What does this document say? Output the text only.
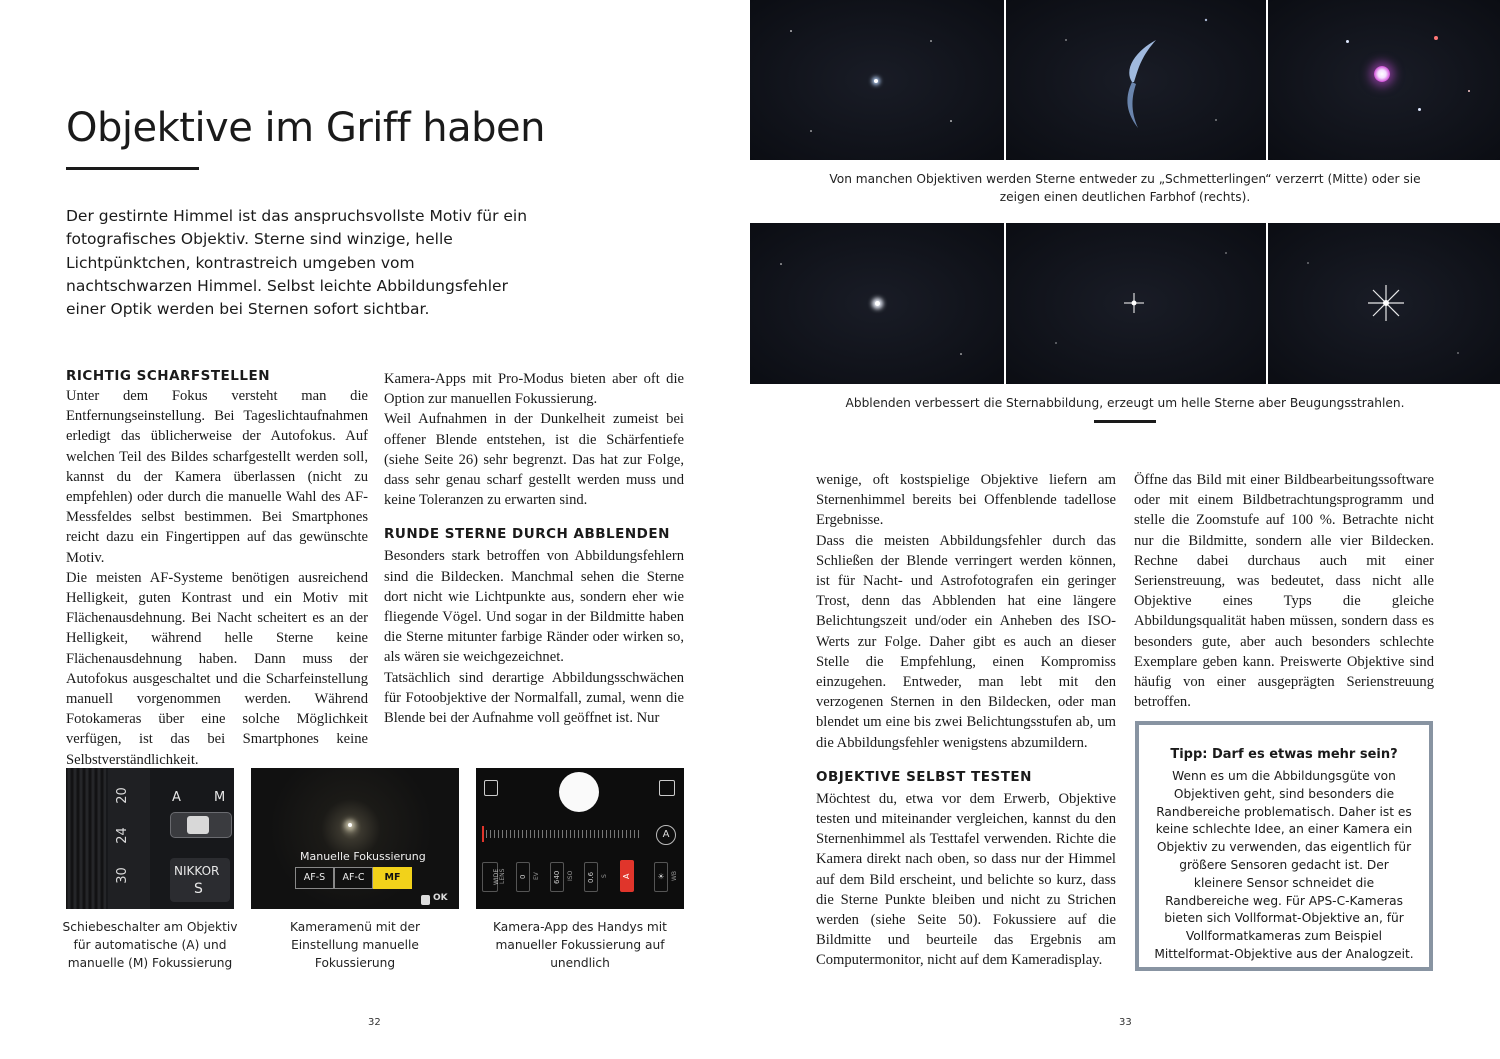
Objektive im Griff haben
Der gestirnte Himmel ist das anspruchsvollste Motiv für ein fotografisches Objektiv. Sterne sind winzige, helle Lichtpünktchen, kontrastreich umgeben vom nachtschwarzen Himmel. Selbst leichte Abbildungsfehler einer Optik werden bei Sternen sofort sichtbar.
RICHTIG SCHARFSTELLEN
Unter dem Fokus versteht man die Entfernungseinstellung. Bei Tageslichtaufnahmen erledigt das üblicherweise der Autofokus. Auf welchen Teil des Bildes scharfgestellt werden soll, kannst du der Kamera überlassen (nicht zu empfehlen) oder durch die manuelle Wahl des AF-Messfeldes selbst bestimmen. Bei Smartphones reicht dazu ein Fingertippen auf das gewünschte Motiv.
Die meisten AF-Systeme benötigen ausreichend Helligkeit, guten Kontrast und ein Motiv mit Flächenausdehnung. Bei Nacht scheitert es an der Helligkeit, während helle Sterne keine Flächenausdehnung haben. Dann muss der Autofokus ausgeschaltet und die Scharfeinstellung manuell vorgenommen werden. Während Fotokameras über eine solche Möglichkeit verfügen, ist das bei Smartphones keine Selbstverständlichkeit.
Kamera-Apps mit Pro-Modus bieten aber oft die Option zur manuellen Fokussierung.
Weil Aufnahmen in der Dunkelheit zumeist bei offener Blende entstehen, ist die Schärfentiefe (siehe Seite 26) sehr begrenzt. Das hat zur Folge, dass sehr genau scharf gestellt werden muss und keine Toleranzen zu erwarten sind.
RUNDE STERNE DURCH ABBLENDEN
Besonders stark betroffen von Abbildungsfehlern sind die Bildecken. Manchmal sehen die Sterne dort nicht wie Lichtpunkte aus, sondern eher wie fliegende Vögel. Und sogar in der Bildmitte haben die Sterne mitunter farbige Ränder oder wirken so, als wären sie weichgezeichnet.
Tatsächlich sind derartige Abbildungsschwächen für Fotoobjektive der Normalfall, zumal, wenn die Blende bei der Aufnahme voll geöffnet ist. Nur
20
24
30
A	M
NIKKOR
S
Schiebeschalter am Objektiv für automatische (A) und manuelle (M) Fokussierung
Manuelle Fokussierung
AF-S	AF-C	MF
OK
Kameramenü mit der Einstellung manuelle Fokussierung
A
WIDE LENS	0	EV	640	ISO	0.6	S A	☀	WB
Kamera-App des Handys mit manueller Fokussierung auf unendlich
32
Von manchen Objektiven werden Sterne entweder zu „Schmetterlingen“ verzerrt (Mitte) oder sie zeigen einen deutlichen Farbhof (rechts).
Abblenden verbessert die Sternabbildung, erzeugt um helle Sterne aber Beugungsstrahlen.
wenige, oft kostspielige Objektive liefern am Sternenhimmel bereits bei Offenblende tadellose Ergebnisse.
Dass die meisten Abbildungsfehler durch das Schließen der Blende verringert werden können, ist für Nacht- und Astrofotografen ein geringer Trost, denn das Abblenden hat eine längere Belichtungszeit und/oder ein Anheben des ISO-Werts zur Folge. Daher gibt es auch an dieser Stelle die Empfehlung, einen Kompromiss einzugehen. Entweder, man lebt mit den verzogenen Sternen in den Bildecken, oder man blendet um eine bis zwei Belichtungsstufen ab, um die Abbildungsfehler wenigstens abzumildern.
OBJEKTIVE SELBST TESTEN
Möchtest du, etwa vor dem Erwerb, Objektive testen und miteinander vergleichen, kannst du den Sternenhimmel als Testtafel verwenden. Richte die Kamera direkt nach oben, so dass nur der Himmel auf dem Bild erscheint, und belichte so kurz, dass die Sterne Punkte bleiben und nicht zu Strichen werden (siehe Seite 50). Fokussiere auf die Bildmitte und beurteile das Ergebnis am Computermonitor, nicht auf dem Kameradisplay.
Öffne das Bild mit einer Bildbearbeitungssoftware oder mit einem Bildbetrachtungsprogramm und stelle die Zoomstufe auf 100 %. Betrachte nicht nur die Bildmitte, sondern alle vier Bildecken. Rechne dabei durchaus auch mit einer Serienstreuung, was bedeutet, dass nicht alle Objektive eines Typs die gleiche Abbildungsqualität haben müssen, sondern dass es besonders gute, aber auch besonders schlechte Exemplare geben kann. Preiswerte Objektive sind häufig von einer ausgeprägten Serienstreuung betroffen.
Tipp: Darf es etwas mehr sein?
Wenn es um die Abbildungsgüte von Objektiven geht, sind besonders die Randbereiche problematisch. Daher ist es keine schlechte Idee, an einer Kamera ein Objektiv zu verwenden, das eigentlich für größere Sensoren gedacht ist. Der kleinere Sensor schneidet die Randbereiche weg. Für APS-C-Kameras bieten sich Vollformat-Objektive an, für Vollformatkameras zum Beispiel Mittelformat-Objektive aus der Analogzeit.
33
